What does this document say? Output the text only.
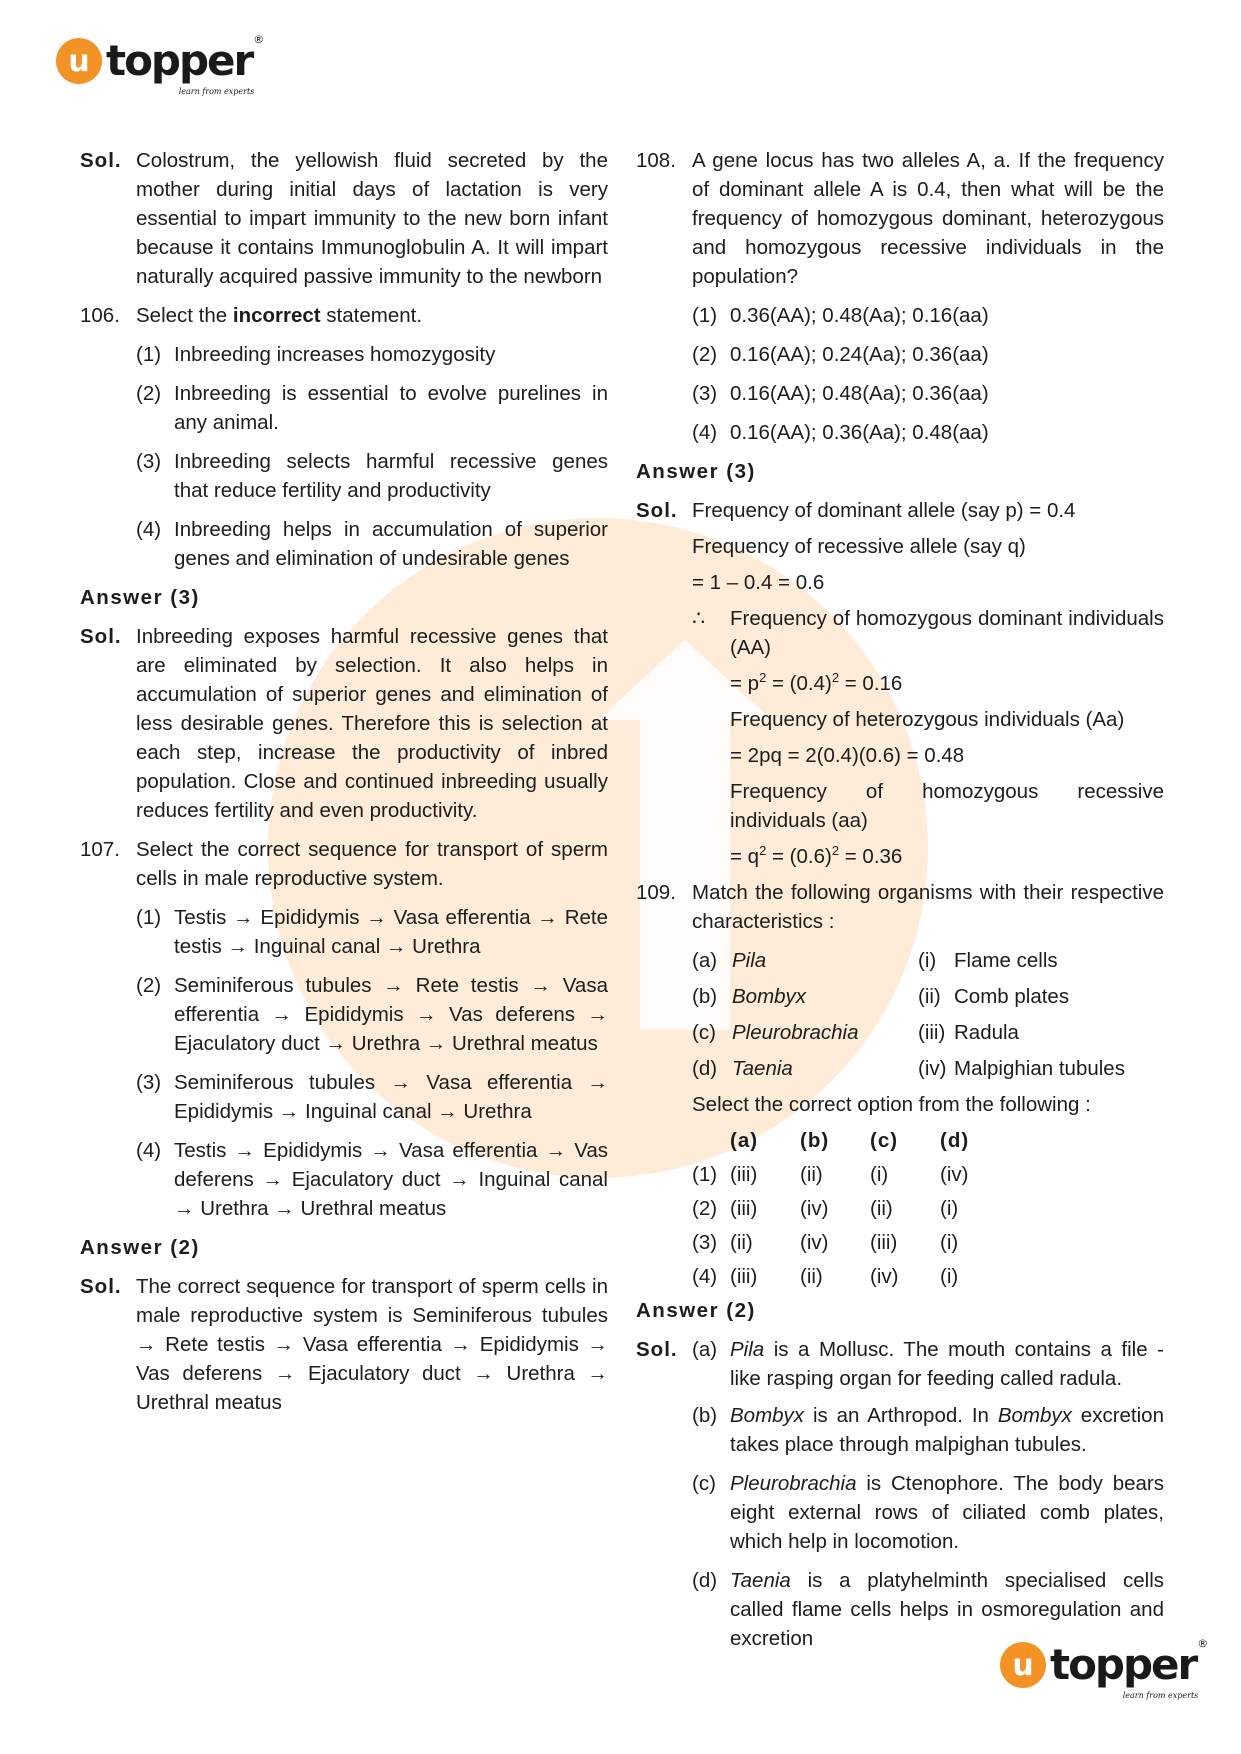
u topper ®
learn from experts
Sol. Colostrum, the yellowish fluid secreted by the mother during initial days of lactation is very essential to impart immunity to the new born infant because it contains Immunoglobulin A. It will impart naturally acquired passive immunity to the newborn
106. Select the incorrect statement.
(1) Inbreeding increases homozygosity
(2) Inbreeding is essential to evolve purelines in any animal.
(3) Inbreeding selects harmful recessive genes that reduce fertility and productivity
(4) Inbreeding helps in accumulation of superior genes and elimination of undesirable genes
Answer (3)
Sol. Inbreeding exposes harmful recessive genes that are eliminated by selection. It also helps in accumulation of superior genes and elimination of less desirable genes. Therefore this is selection at each step, increase the productivity of inbred population. Close and continued inbreeding usually reduces fertility and even productivity.
107. Select the correct sequence for transport of sperm cells in male reproductive system.
(1) Testis → Epididymis → Vasa efferentia → Rete testis → Inguinal canal → Urethra
(2) Seminiferous tubules → Rete testis → Vasa efferentia → Epididymis → Vas deferens → Ejaculatory duct → Urethra → Urethral meatus
(3) Seminiferous tubules → Vasa efferentia → Epididymis → Inguinal canal → Urethra
(4) Testis → Epididymis → Vasa efferentia → Vas deferens → Ejaculatory duct → Inguinal canal → Urethra → Urethral meatus
Answer (2)
Sol. The correct sequence for transport of sperm cells in male reproductive system is Seminiferous tubules → Rete testis → Vasa efferentia → Epididymis → Vas deferens → Ejaculatory duct → Urethra → Urethral meatus
108. A gene locus has two alleles A, a. If the frequency of dominant allele A is 0.4, then what will be the frequency of homozygous dominant, heterozygous and homozygous recessive individuals in the population?
(1) 0.36(AA); 0.48(Aa); 0.16(aa)
(2) 0.16(AA); 0.24(Aa); 0.36(aa)
(3) 0.16(AA); 0.48(Aa); 0.36(aa)
(4) 0.16(AA); 0.36(Aa); 0.48(aa)
Answer (3)
Sol. Frequency of dominant allele (say p) = 0.4
Frequency of recessive allele (say q)
= 1 – 0.4 = 0.6
∴	Frequency of homozygous dominant individuals (AA)
= $p^2 = (0.4)^2 = 0.16$
Frequency of heterozygous individuals (Aa)
= 2pq = 2(0.4)(0.6) = 0.48
Frequency of homozygous recessive individuals (aa)
= $q^2 = (0.6)^2 = 0.36$
109. Match the following organisms with their respective characteristics :
(a) Pila	(i) Flame cells
(b) Bombyx	(ii) Comb plates
(c) Pleurobrachia	(iii) Radula
(d) Taenia	(iv) Malpighian tubules
Select the correct option from the following :
(a)	(b)	(c)	(d)
(1) (iii)	(ii)	(i)	(iv)
(2) (iii)	(iv)	(ii)	(i)
(3) (ii)	(iv)	(iii)	(i)
(4) (iii)	(ii)	(iv)	(i)
Answer (2)
Sol. (a) Pila is a Mollusc. The mouth contains a file - like rasping organ for feeding called radula.
(b) Bombyx is an Arthropod. In Bombyx excretion takes place through malpighan tubules.
(c) Pleurobrachia is Ctenophore. The body bears eight external rows of ciliated comb plates, which help in locomotion.
(d) Taenia is a platyhelminth specialised cells called flame cells helps in osmoregulation and excretion
u topper ®
learn from experts
